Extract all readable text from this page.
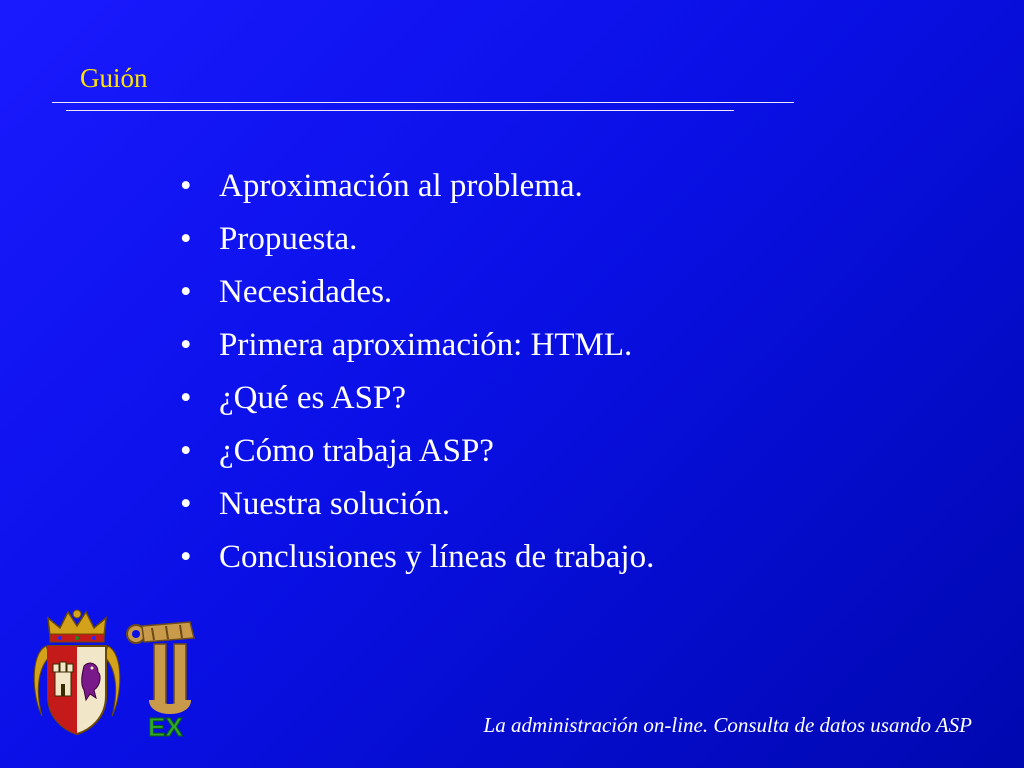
Guión
• Aproximación al problema.
• Propuesta.
• Necesidades.
• Primera aproximación: HTML.
• ¿Qué es ASP?
• ¿Cómo trabaja ASP?
• Nuestra solución.
• Conclusiones y líneas de trabajo.
EX	La administración on-line. Consulta de datos usando ASP
